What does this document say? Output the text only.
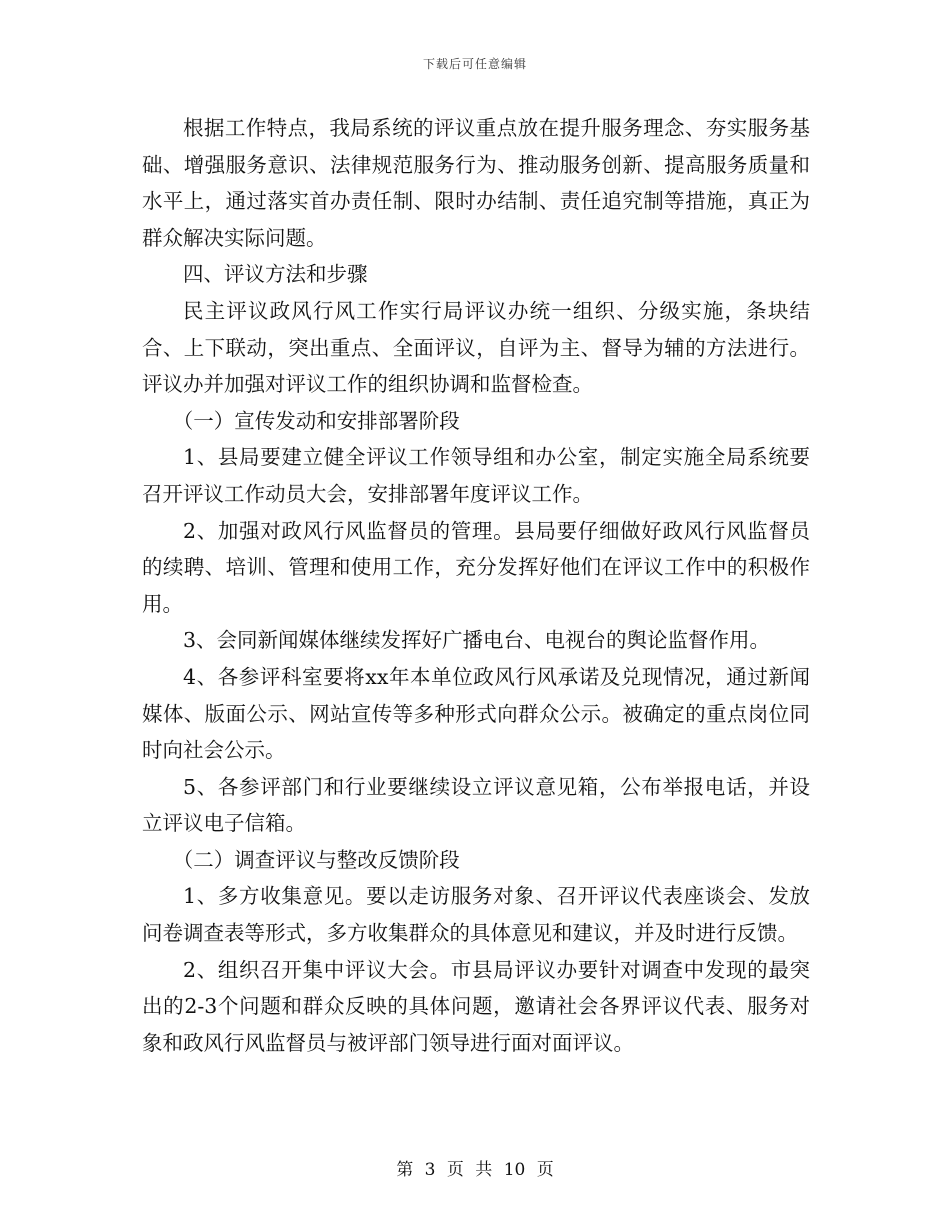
下载后可任意编辑

根据工作特点，我局系统的评议重点放在提升服务理念、夯实服务基础、增强服务意识、法律规范服务行为、推动服务创新、提高服务质量和水平上，通过落实首办责任制、限时办结制、责任追究制等措施，真正为群众解决实际问题。

四、评议方法和步骤

民主评议政风行风工作实行局评议办统一组织、分级实施，条块结合、上下联动，突出重点、全面评议，自评为主、督导为辅的方法进行。评议办并加强对评议工作的组织协调和监督检查。

（一）宣传发动和安排部署阶段

1、县局要建立健全评议工作领导组和办公室，制定实施全局系统要召开评议工作动员大会，安排部署年度评议工作。

2、加强对政风行风监督员的管理。县局要仔细做好政风行风监督员的续聘、培训、管理和使用工作，充分发挥好他们在评议工作中的积极作用。

3、会同新闻媒体继续发挥好广播电台、电视台的舆论监督作用。

4、各参评科室要将xx年本单位政风行风承诺及兑现情况，通过新闻媒体、版面公示、网站宣传等多种形式向群众公示。被确定的重点岗位同时向社会公示。

5、各参评部门和行业要继续设立评议意见箱，公布举报电话，并设立评议电子信箱。

（二）调查评议与整改反馈阶段

1、多方收集意见。要以走访服务对象、召开评议代表座谈会、发放问卷调查表等形式，多方收集群众的具体意见和建议，并及时进行反馈。

2、组织召开集中评议大会。市县局评议办要针对调查中发现的最突出的2-3个问题和群众反映的具体问题，邀请社会各界评议代表、服务对象和政风行风监督员与被评部门领导进行面对面评议。

第 3 页 共 10 页
